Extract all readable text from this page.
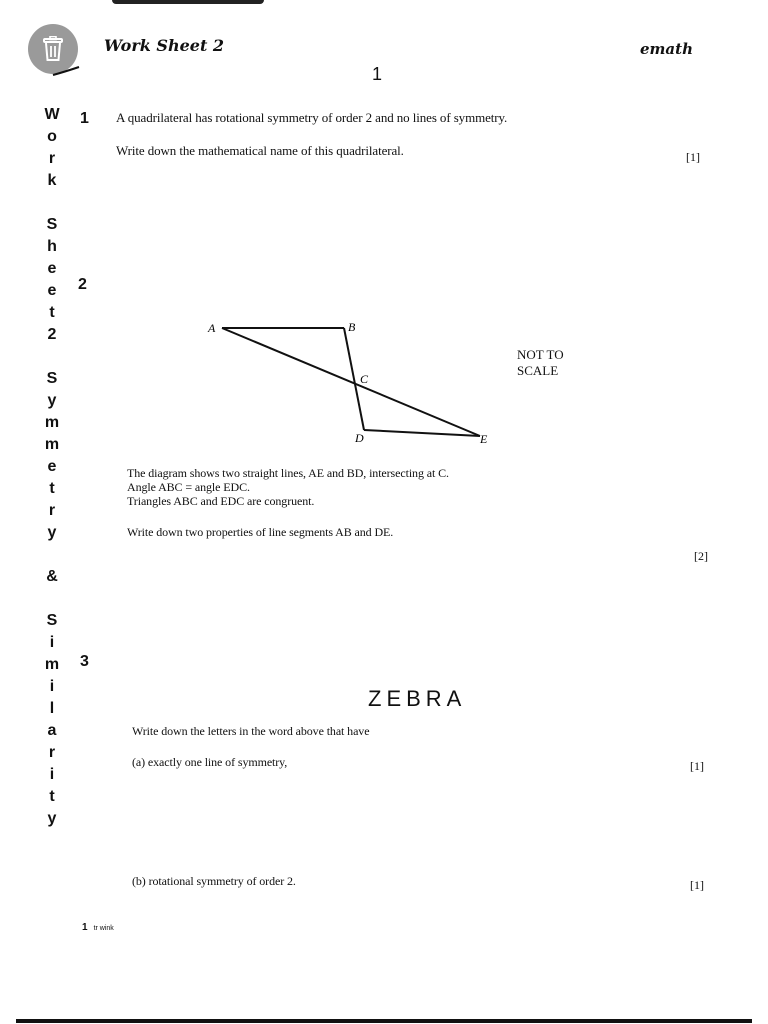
Work Sheet 2	emath
1
W
o
r
k
S
h
e
e
t
2
S
y
m
m
e
t
r
y
&
S
i
m
i
l
a
r
i
t
y
1 A quadrilateral has rotational symmetry of order 2 and no lines of symmetry.
Write down the mathematical name of this quadrilateral.	[1]
2
A	B
C
D	E
NOT TO
SCALE
The diagram shows two straight lines, AE and BD, intersecting at C.
Angle ABC = angle EDC.
Triangles ABC and EDC are congruent.
Write down two properties of line segments AB and DE.
[2]
3
ZEBRA
Write down the letters in the word above that have
(a) exactly one line of symmetry,	[1]
(b) rotational symmetry of order 2.	[1]
1 tr wink
